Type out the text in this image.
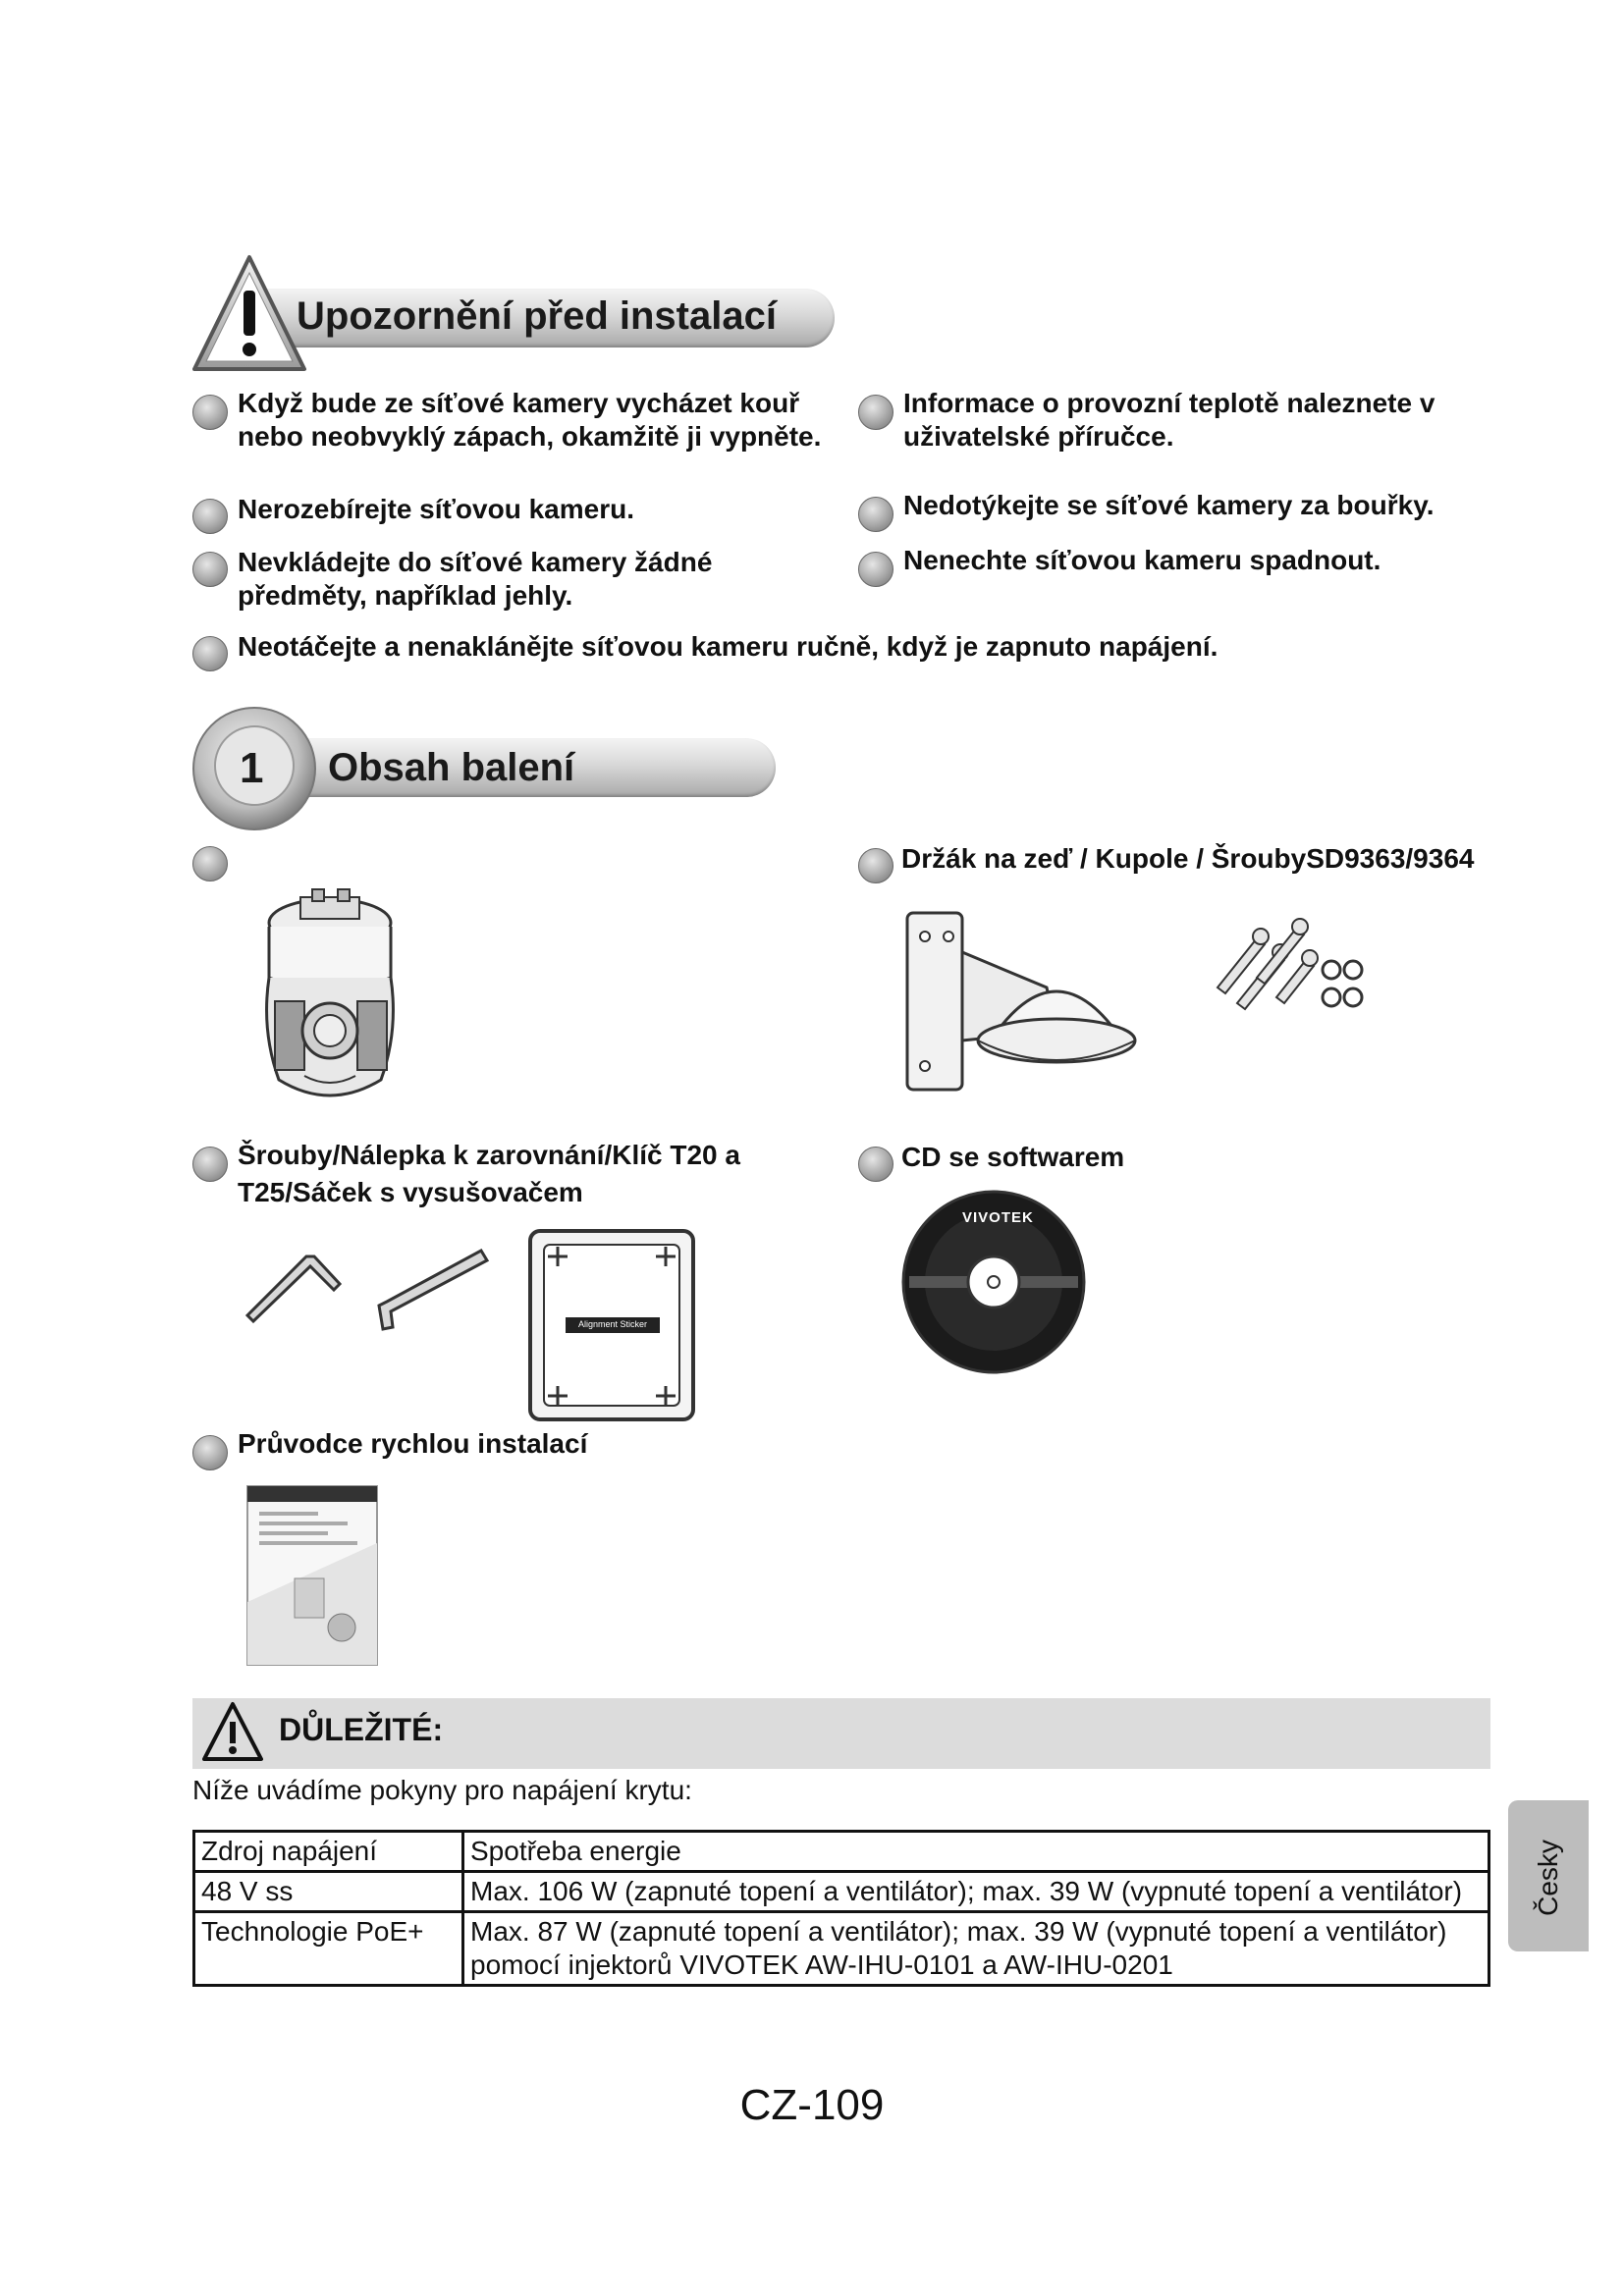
Upozornění před instalací
Když bude ze síťové kamery vycházet kouř nebo neobvyklý zápach, okamžitě ji vypněte.
Nerozebírejte síťovou kameru.
Nevkládejte do síťové kamery žádné předměty, například jehly.
Informace o provozní teplotě naleznete v uživatelské příručce.
Nedotýkejte se síťové kamery za bouřky.
Nenechte síťovou kameru spadnout.
Neotáčejte a nenaklánějte síťovou kameru ručně, když je zapnuto napájení.
1 Obsah balení
Držák na zeď / Kupole / ŠroubySD9363/9364
Šrouby/Nálepka k zarovnání/Klíč T20 a T25/Sáček s vysušovačem
Alignment Sticker
CD se softwarem
VIVOTEK
Průvodce rychlou instalací
DŮLEŽITÉ:
Níže uvádíme pokyny pro napájení krytu:
Zdroj napájení	Spotřeba energie
48 V ss	Max. 106 W (zapnuté topení a ventilátor); max. 39 W (vypnuté topení a ventilátor)
Technologie PoE+	Max. 87 W (zapnuté topení a ventilátor); max. 39 W (vypnuté topení a ventilátor) pomocí injektorů VIVOTEK AW-IHU-0101 a AW-IHU-0201
Česky
CZ-109
